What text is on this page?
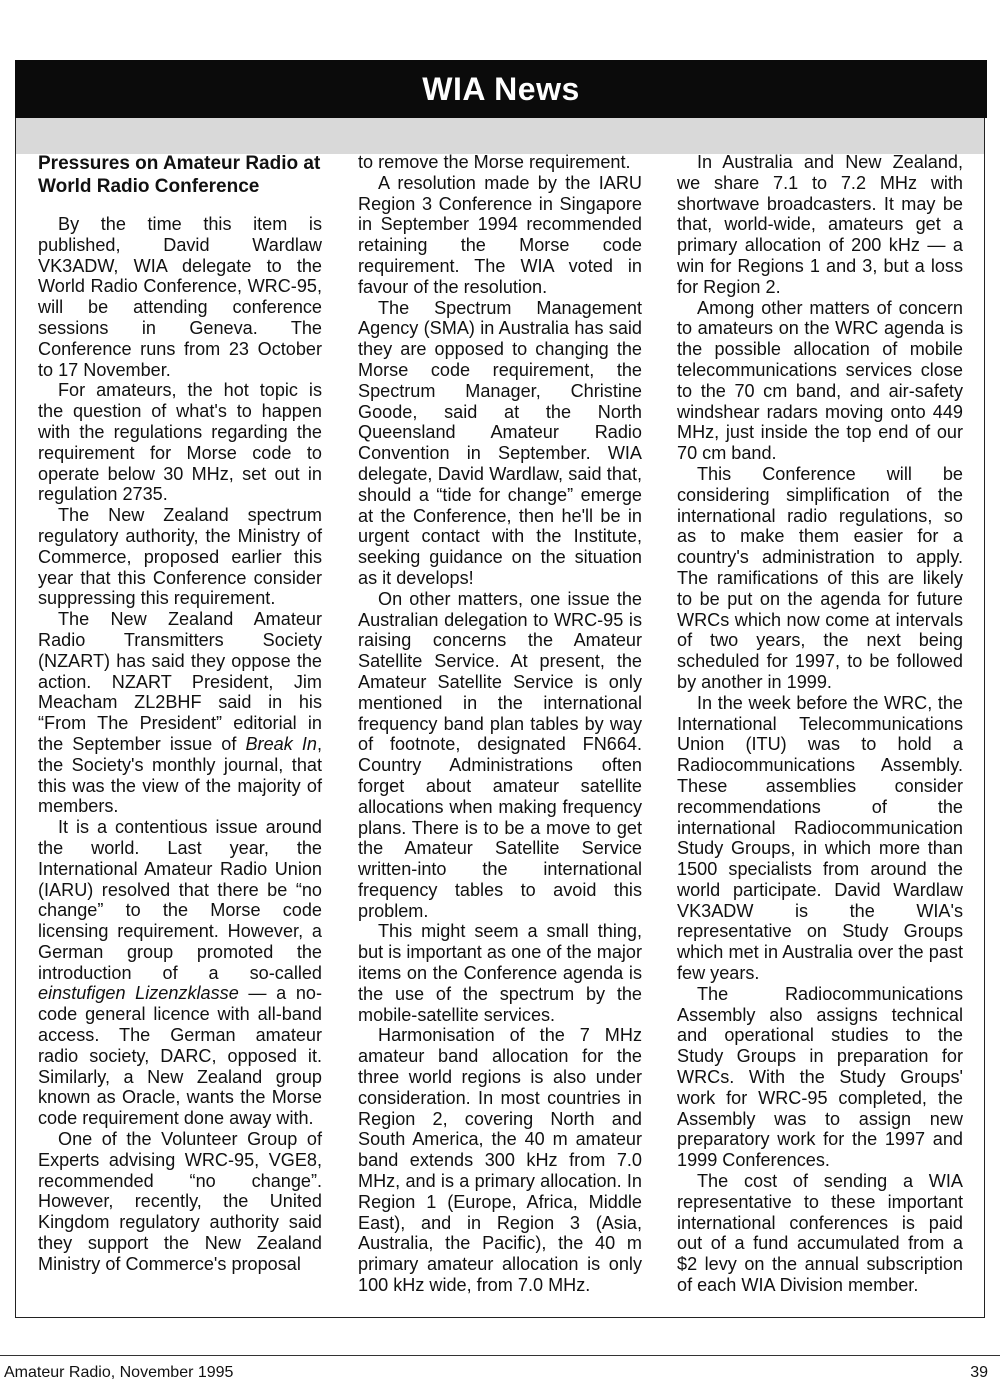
WIA News
Pressures on Amateur Radio at World Radio Conference

By the time this item is published, David Wardlaw VK3ADW, WIA delegate to the World Radio Conference, WRC-95, will be attending conference sessions in Geneva. The Conference runs from 23 October to 17 November.

For amateurs, the hot topic is the question of what's to happen with the regulations regarding the requirement for Morse code to operate below 30 MHz, set out in regulation 2735.

The New Zealand spectrum regulatory authority, the Ministry of Commerce, proposed earlier this year that this Conference consider suppressing this requirement.

The New Zealand Amateur Radio Transmitters Society (NZART) has said they oppose the action. NZART President, Jim Meacham ZL2BHF said in his “From The President” editorial in the September issue of Break In, the Society's monthly journal, that this was the view of the majority of members.

It is a contentious issue around the world. Last year, the International Amateur Radio Union (IARU) resolved that there be “no change” to the Morse code licensing requirement. However, a German group promoted the introduction of a so-called einstufigen Lizenzklasse — a no-code general licence with all-band access. The German amateur radio society, DARC, opposed it. Similarly, a New Zealand group known as Oracle, wants the Morse code requirement done away with.

One of the Volunteer Group of Experts advising WRC-95, VGE8, recommended “no change”. However, recently, the United Kingdom regulatory authority said they support the New Zealand Ministry of Commerce's proposal

to remove the Morse requirement.

A resolution made by the IARU Region 3 Conference in Singapore in September 1994 recommended retaining the Morse code requirement. The WIA voted in favour of the resolution.

The Spectrum Management Agency (SMA) in Australia has said they are opposed to changing the Morse code requirement, the Spectrum Manager, Christine Goode, said at the North Queensland Amateur Radio Convention in September. WIA delegate, David Wardlaw, said that, should a “tide for change” emerge at the Conference, then he'll be in urgent contact with the Institute, seeking guidance on the situation as it develops!

On other matters, one issue the Australian delegation to WRC-95 is raising concerns the Amateur Satellite Service. At present, the Amateur Satellite Service is only mentioned in the international frequency band plan tables by way of footnote, designated FN664. Country Administrations often forget about amateur satellite allocations when making frequency plans. There is to be a move to get the Amateur Satellite Service written-into the international frequency tables to avoid this problem.

This might seem a small thing, but is important as one of the major items on the Conference agenda is the use of the spectrum by the mobile-satellite services.

Harmonisation of the 7 MHz amateur band allocation for the three world regions is also under consideration. In most countries in Region 2, covering North and South America, the 40 m amateur band extends 300 kHz from 7.0 MHz, and is a primary allocation. In Region 1 (Europe, Africa, Middle East), and in Region 3 (Asia, Australia, the Pacific), the 40 m primary amateur allocation is only 100 kHz wide, from 7.0 MHz.

In Australia and New Zealand, we share 7.1 to 7.2 MHz with shortwave broadcasters. It may be that, world-wide, amateurs get a primary allocation of 200 kHz — a win for Regions 1 and 3, but a loss for Region 2.

Among other matters of concern to amateurs on the WRC agenda is the possible allocation of mobile telecommunications services close to the 70 cm band, and air-safety windshear radars moving onto 449 MHz, just inside the top end of our 70 cm band.

This Conference will be considering simplification of the international radio regulations, so as to make them easier for a country's administration to apply. The ramifications of this are likely to be put on the agenda for future WRCs which now come at intervals of two years, the next being scheduled for 1997, to be followed by another in 1999.

In the week before the WRC, the International Telecommunications Union (ITU) was to hold a Radiocommunications Assembly. These assemblies consider recommendations of the international Radiocommunication Study Groups, in which more than 1500 specialists from around the world participate. David Wardlaw VK3ADW is the WIA's representative on Study Groups which met in Australia over the past few years.

The Radiocommunications Assembly also assigns technical and operational studies to the Study Groups in preparation for WRCs. With the Study Groups' work for WRC-95 completed, the Assembly was to assign new preparatory work for the 1997 and 1999 Conferences.

The cost of sending a WIA representative to these important international conferences is paid out of a fund accumulated from a $2 levy on the annual subscription of each WIA Division member.

Amateur Radio, November 1995	39
